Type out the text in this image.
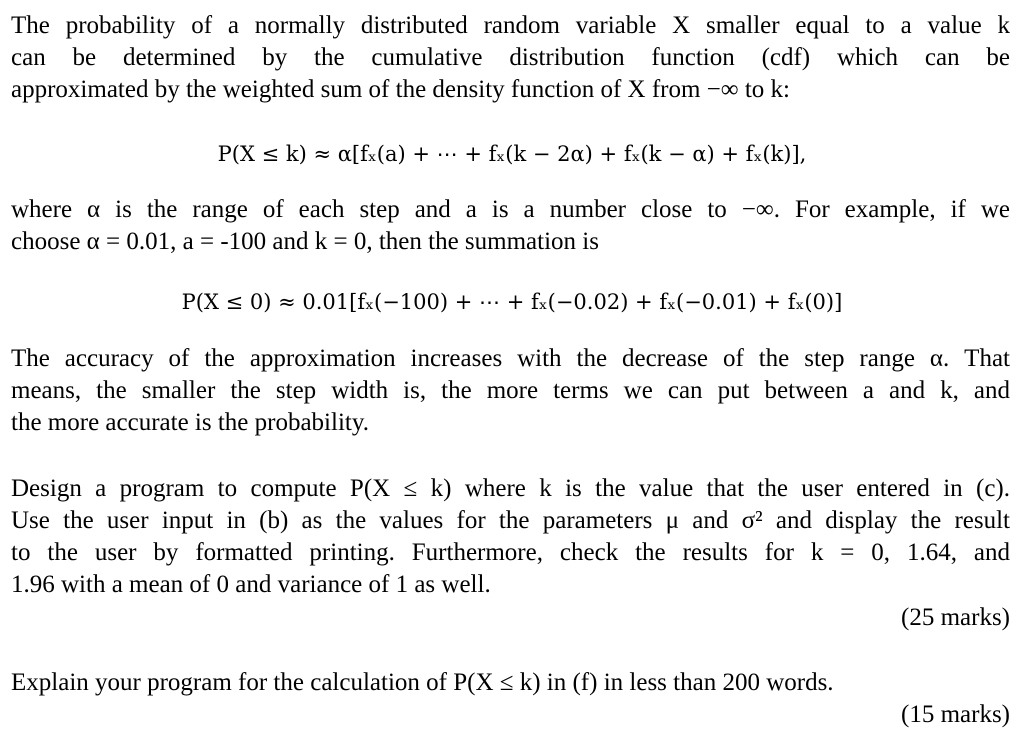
The probability of a normally distributed random variable X smaller equal to a value k
can be determined by the cumulative distribution function (cdf) which can be
approximated by the weighted sum of the density function of X from −∞ to k:
P(X ≤ k) ≈ α[fₓ(a) + ⋯ + fₓ(k − 2α) + fₓ(k − α) + fₓ(k)],
where α is the range of each step and a is a number close to −∞. For example, if we
choose α = 0.01, a = -100 and k = 0, then the summation is
P(X ≤ 0) ≈ 0.01[fₓ(−100) + ⋯ + fₓ(−0.02) + fₓ(−0.01) + fₓ(0)]
The accuracy of the approximation increases with the decrease of the step range α. That
means, the smaller the step width is, the more terms we can put between a and k, and
the more accurate is the probability.
Design a program to compute P(X ≤ k) where k is the value that the user entered in (c).
Use the user input in (b) as the values for the parameters μ and σ² and display the result
to the user by formatted printing. Furthermore, check the results for k = 0, 1.64, and
1.96 with a mean of 0 and variance of 1 as well.
(25 marks)
Explain your program for the calculation of P(X ≤ k) in (f) in less than 200 words.
(15 marks)
